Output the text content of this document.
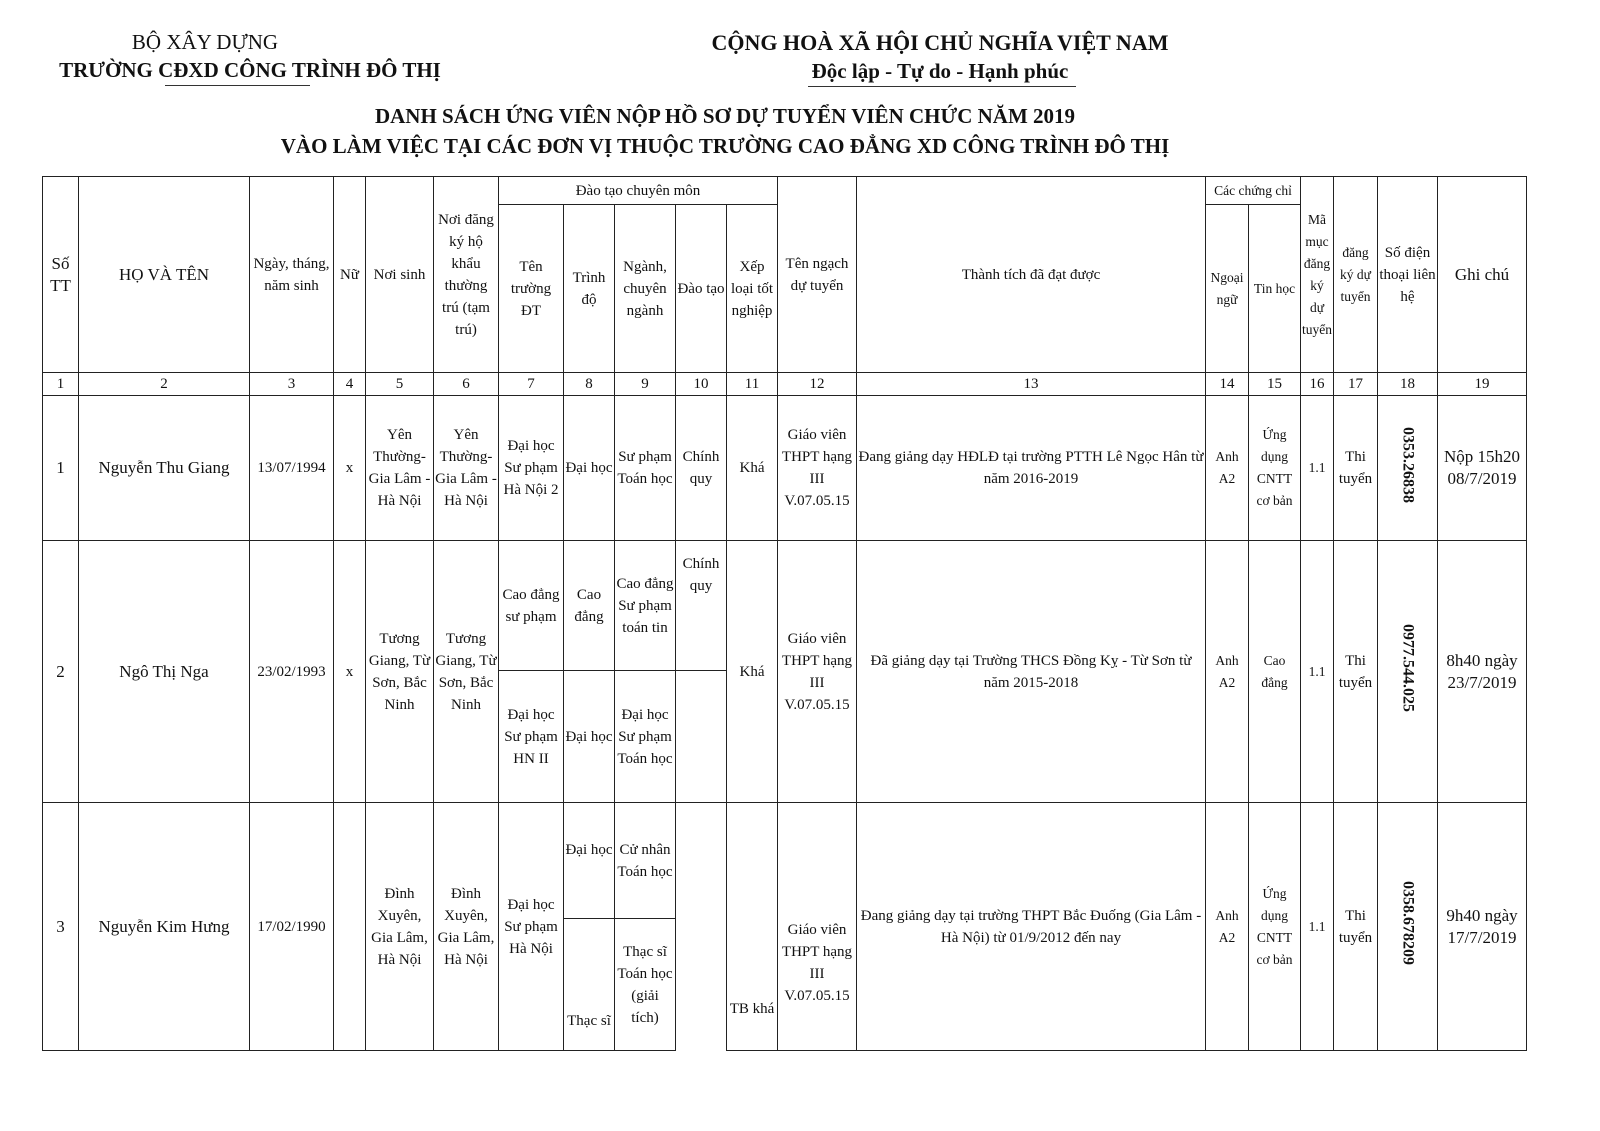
BỘ XÂY DỰNG
TRƯỜNG CĐXD CÔNG TRÌNH ĐÔ THỊ
CỘNG HOÀ XÃ HỘI CHỦ NGHĨA VIỆT NAM
Độc lập - Tự do - Hạnh phúc
DANH SÁCH ỨNG VIÊN NỘP HỒ SƠ DỰ TUYỂN VIÊN CHỨC NĂM 2019
VÀO LÀM VIỆC TẠI CÁC ĐƠN VỊ THUỘC TRƯỜNG CAO ĐẲNG XD CÔNG TRÌNH ĐÔ THỊ
Số TT	HỌ VÀ TÊN	Ngày, tháng, năm sinh	Nữ	Nơi sinh	Nơi đăng ký hộ khẩu thường trú (tạm trú)	Đào tạo chuyên môn					Tên ngạch dự tuyển	Thành tích đã đạt được	Các chứng chỉ		Mã mục đăng ký dự tuyển	đăng ký dự tuyển	Số điện thoại liên hệ	Ghi chú
						Tên trường ĐT	Trình độ	Ngành, chuyên ngành	Đào tạo	Xếp loại tốt nghiệp			Ngoại ngữ	Tin học				
1	2	3	4	5	6	7	8	9	10	11	12	13	14	15	16	17	18	19
1	Nguyễn Thu Giang	13/07/1994	x	Yên Thường-Gia Lâm -Hà Nội	Yên Thường-Gia Lâm -Hà Nội	Đại học Sư phạm Hà Nội 2	Đại học	Sư phạm Toán học	Chính quy	Khá	Giáo viên THPT hạng III V.07.05.15	Đang giảng dạy HĐLĐ tại trường PTTH Lê Ngọc Hân từ năm 2016-2019	Anh A2	Ứng dụng CNTT cơ bản	1.1	Thi tuyển	0353.26838	Nộp 15h20 08/7/2019
2	Ngô Thị Nga	23/02/1993	x	Tương Giang, Từ Sơn, Bắc Ninh	Tương Giang, Từ Sơn, Bắc Ninh	Cao đẳng sư phạm	Cao đẳng	Cao đẳng Sư phạm toán tin	Chính quy	Khá	Giáo viên THPT hạng III V.07.05.15	Đã giảng dạy tại Trường THCS Đồng Kỵ - Từ Sơn từ năm 2015-2018	Anh A2	Cao đẳng	1.1	Thi tuyển	0977.544.025	8h40 ngày 23/7/2019
						Đại học Sư phạm HN II	Đại học	Đại học Sư phạm Toán học										
3	Nguyễn Kim Hưng	17/02/1990		Đình Xuyên, Gia Lâm, Hà Nội	Đình Xuyên, Gia Lâm, Hà Nội	Đại học Sư phạm Hà Nội	Đại học	Cử nhân Toán học				Đang giảng dạy tại trường THPT Bắc Đuống (Gia Lâm - Hà Nội) từ 01/9/2012 đến nay	Anh A2	Ứng dụng CNTT cơ bản	1.1	Thi tuyển	0358.678209	9h40 ngày 17/7/2019
							Thạc sĩ	Thạc sĩ Toán học (giải tích)		TB khá	Giáo viên THPT hạng III V.07.05.15							
